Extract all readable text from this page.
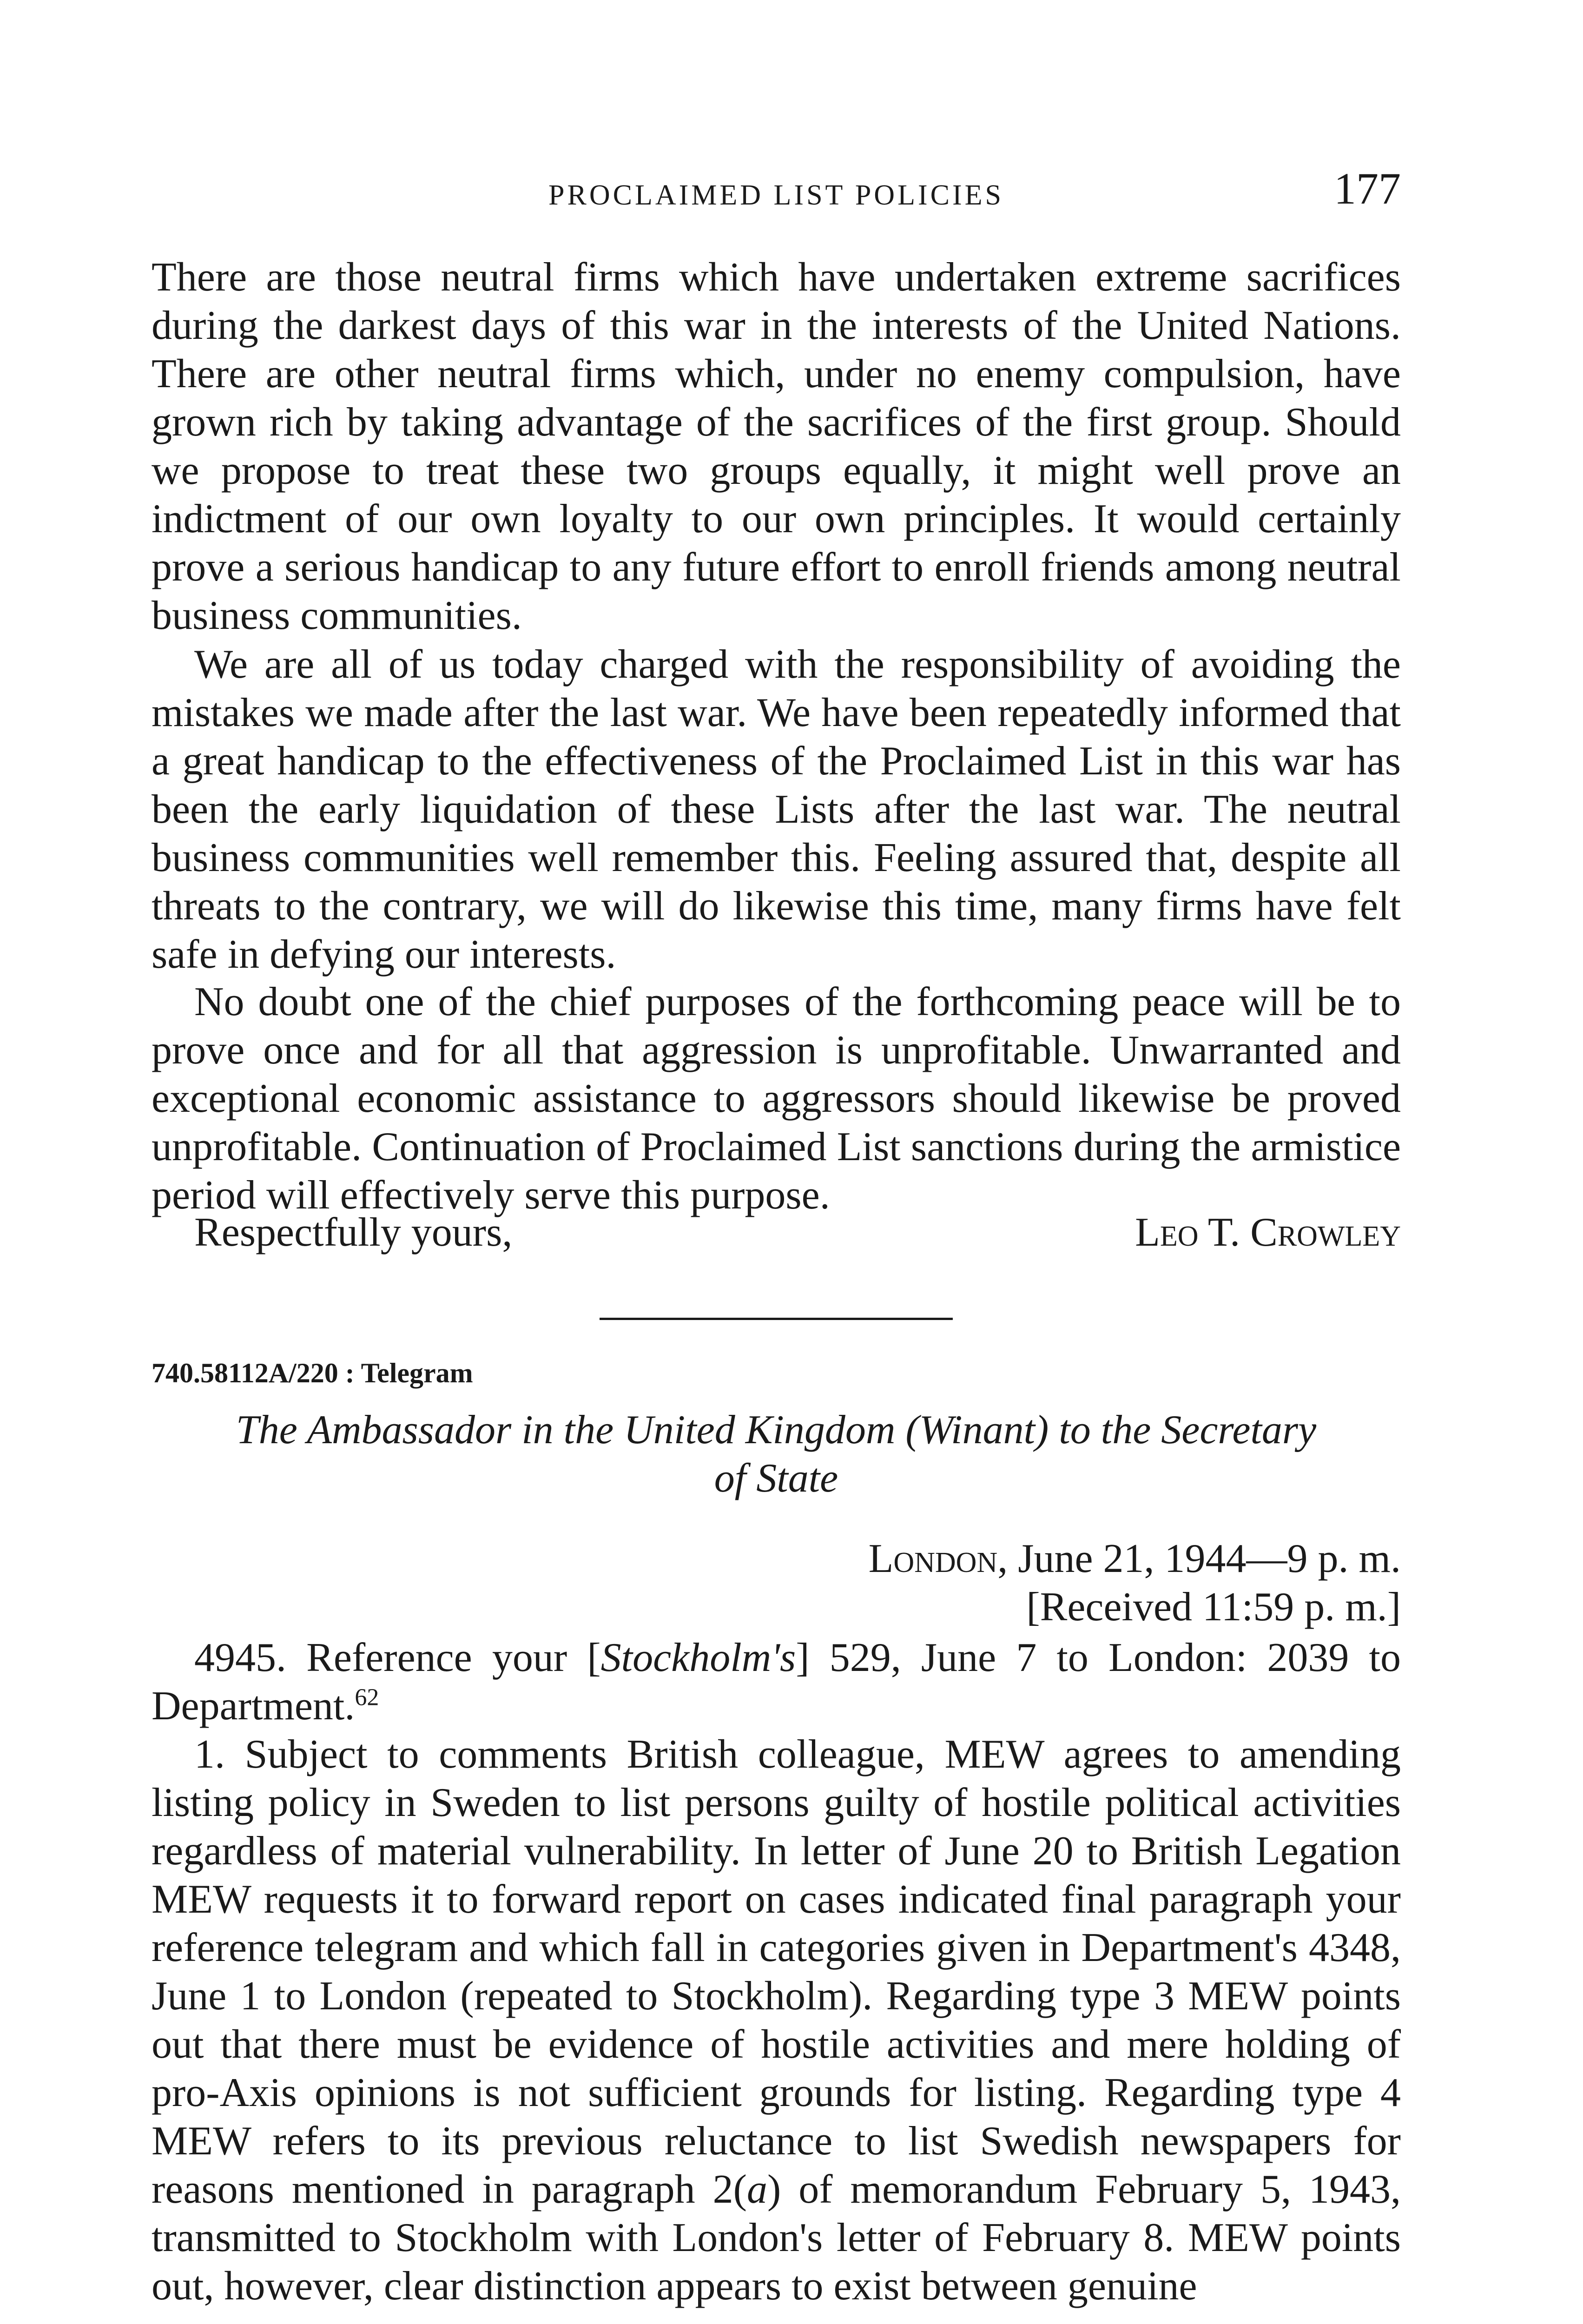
PROCLAIMED LIST POLICIES	177

There are those neutral firms which have undertaken extreme sacrifices during the darkest days of this war in the interests of the United Nations. There are other neutral firms which, under no enemy compulsion, have grown rich by taking advantage of the sacrifices of the first group. Should we propose to treat these two groups equally, it might well prove an indictment of our own loyalty to our own principles. It would certainly prove a serious handicap to any future effort to enroll friends among neutral business communities.

We are all of us today charged with the responsibility of avoiding the mistakes we made after the last war. We have been repeatedly informed that a great handicap to the effectiveness of the Proclaimed List in this war has been the early liquidation of these Lists after the last war. The neutral business communities well remember this. Feeling assured that, despite all threats to the contrary, we will do likewise this time, many firms have felt safe in defying our interests.

No doubt one of the chief purposes of the forthcoming peace will be to prove once and for all that aggression is unprofitable. Unwarranted and exceptional economic assistance to aggressors should likewise be proved unprofitable. Continuation of Proclaimed List sanctions during the armistice period will effectively serve this purpose.

Respectfully yours,	Leo T. Crowley
740.58112A/220 : Telegram

The Ambassador in the United Kingdom (Winant) to the Secretary
of State

London, June 21, 1944—9 p. m.
[Received 11:59 p. m.]

4945. Reference your [Stockholm's] 529, June 7 to London: 2039 to Department.$^{62}$

1. Subject to comments British colleague, MEW agrees to amending listing policy in Sweden to list persons guilty of hostile political activities regardless of material vulnerability. In letter of June 20 to British Legation MEW requests it to forward report on cases indicated final paragraph your reference telegram and which fall in categories given in Department's 4348, June 1 to London (repeated to Stockholm). Regarding type 3 MEW points out that there must be evidence of hostile activities and mere holding of pro-Axis opinions is not sufficient grounds for listing. Regarding type 4 MEW refers to its previous reluctance to list Swedish newspapers for reasons mentioned in paragraph 2(a) of memorandum February 5, 1943, transmitted to Stockholm with London's letter of February 8. MEW points out, however, clear distinction appears to exist between genuine
